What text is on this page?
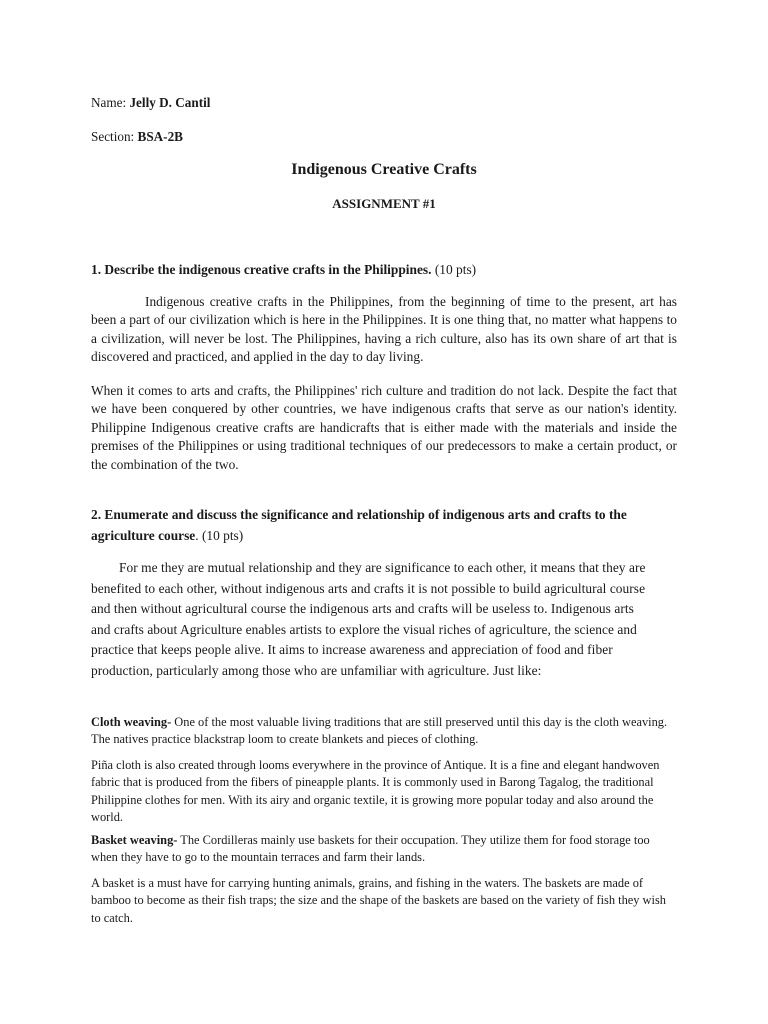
Name: Jelly D. Cantil
Section: BSA-2B
Indigenous Creative Crafts
ASSIGNMENT #1
1. Describe the indigenous creative crafts in the Philippines. (10 pts)
Indigenous creative crafts in the Philippines, from the beginning of time to the present, art has been a part of our civilization which is here in the Philippines. It is one thing that, no matter what happens to a civilization, will never be lost. The Philippines, having a rich culture, also has its own share of art that is discovered and practiced, and applied in the day to day living.
When it comes to arts and crafts, the Philippines' rich culture and tradition do not lack. Despite the fact that we have been conquered by other countries, we have indigenous crafts that serve as our nation's identity. Philippine Indigenous creative crafts are handicrafts that is either made with the materials and inside the premises of the Philippines or using traditional techniques of our predecessors to make a certain product, or the combination of the two.
2. Enumerate and discuss the significance and relationship of indigenous arts and crafts to the agriculture course. (10 pts)
For me they are mutual relationship and they are significance to each other, it means that they are benefited to each other, without indigenous arts and crafts it is not possible to build agricultural course and then without agricultural course the indigenous arts and crafts will be useless to. Indigenous arts and crafts about Agriculture enables artists to explore the visual riches of agriculture, the science and practice that keeps people alive. It aims to increase awareness and appreciation of food and fiber production, particularly among those who are unfamiliar with agriculture. Just like:
Cloth weaving- One of the most valuable living traditions that are still preserved until this day is the cloth weaving. The natives practice blackstrap loom to create blankets and pieces of clothing.
Piña cloth is also created through looms everywhere in the province of Antique. It is a fine and elegant handwoven fabric that is produced from the fibers of pineapple plants. It is commonly used in Barong Tagalog, the traditional Philippine clothes for men. With its airy and organic textile, it is growing more popular today and also around the world.
Basket weaving- The Cordilleras mainly use baskets for their occupation. They utilize them for food storage too when they have to go to the mountain terraces and farm their lands.
A basket is a must have for carrying hunting animals, grains, and fishing in the waters. The baskets are made of bamboo to become as their fish traps; the size and the shape of the baskets are based on the variety of fish they wish to catch.
